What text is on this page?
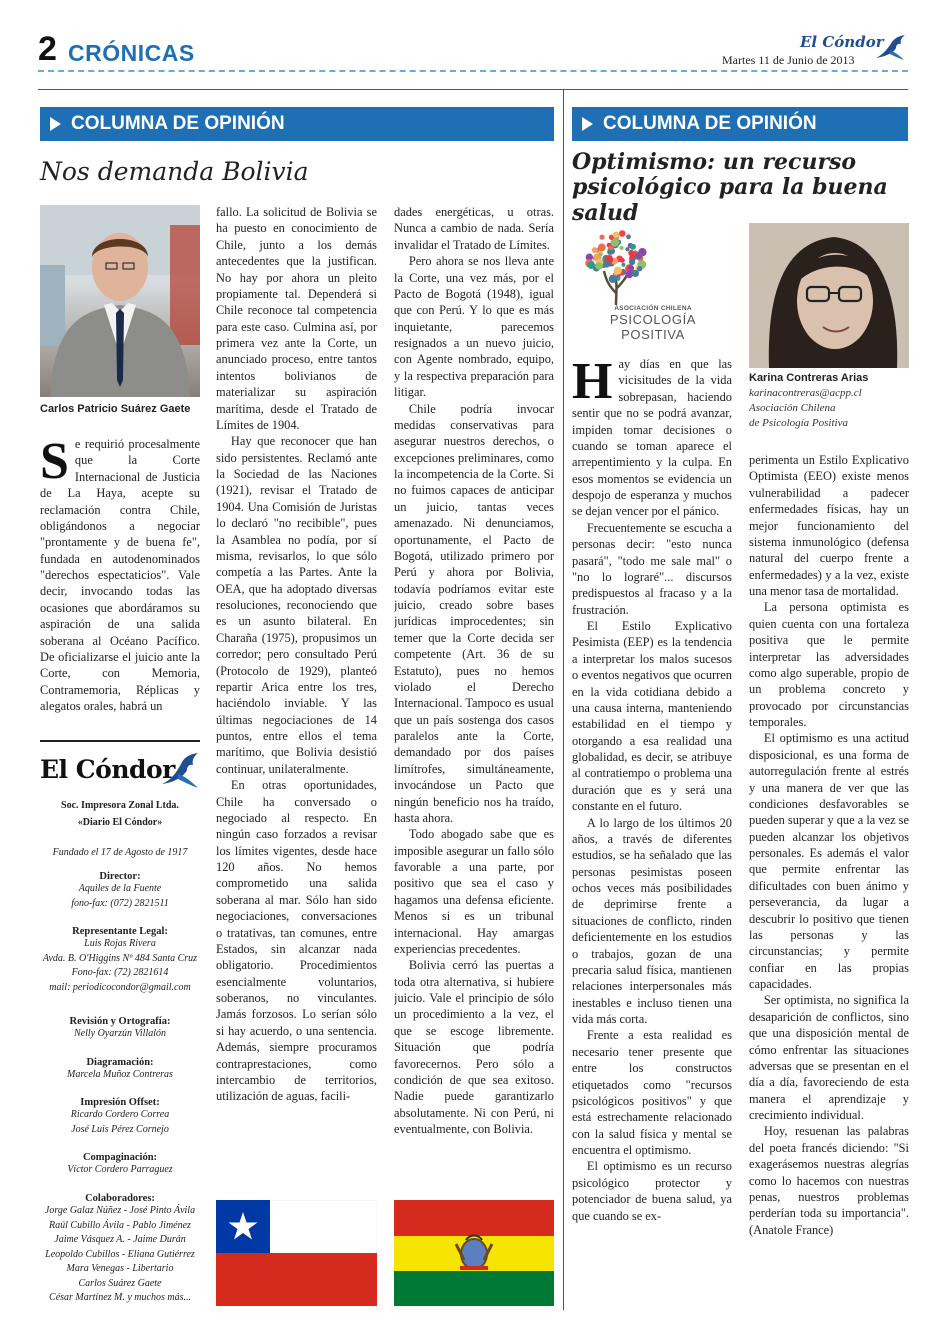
2 CRÓNICAS	El Cóndor
Martes 11 de Junio de 2013
COLUMNA DE OPINIÓN
Nos demanda Bolivia
Carlos Patricio Suárez Gaete

Se requirió procesalmente que la Corte Internacional de Justicia de La Haya, acepte su reclamación contra Chile, obligándonos a negociar "prontamente y de buena fe", fundada en autodenominados "derechos espectaticios". Vale decir, invocando todas las ocasiones que abordáramos su aspiración de una salida soberana al Océano Pacífico. De oficializarse el juicio ante la Corte, con Memoria, Contramemoria, Réplicas y alegatos orales, habrá un

fallo. La solicitud de Bolivia se ha puesto en conocimiento de Chile, junto a los demás antecedentes que la justifican. No hay por ahora un pleito propiamente tal. Dependerá si Chile reconoce tal competencia para este caso. Culmina así, por primera vez ante la Corte, un anunciado proceso, entre tantos intentos bolivianos de materializar su aspiración marítima, desde el Tratado de Límites de 1904.

Hay que reconocer que han sido persistentes. Reclamó ante la Sociedad de las Naciones (1921), revisar el Tratado de 1904. Una Comisión de Juristas lo declaró "no recibible", pues la Asamblea no podía, por sí misma, revisarlos, lo que sólo competía a las Partes. Ante la OEA, que ha adoptado diversas resoluciones, reconociendo que es un asunto bilateral. En Charaña (1975), propusimos un corredor; pero consultado Perú (Protocolo de 1929), planteó repartir Arica entre los tres, haciéndolo inviable. Y las últimas negociaciones de 14 puntos, entre ellos el tema marítimo, que Bolivia desistió continuar, unilateralmente.

En otras oportunidades, Chile ha conversado o negociado al respecto. En ningún caso forzados a revisar los límites vigentes, desde hace 120 años. No hemos comprometido una salida soberana al mar. Sólo han sido negociaciones, conversaciones o tratativas, tan comunes, entre Estados, sin alcanzar nada obligatorio. Procedimientos esencialmente voluntarios, soberanos, no vinculantes. Jamás forzosos. Lo serían sólo si hay acuerdo, o una sentencia. Además, siempre procuramos contraprestaciones, como intercambio de territorios, utilización de aguas, facili-

dades energéticas, u otras. Nunca a cambio de nada. Sería invalidar el Tratado de Límites.

Pero ahora se nos lleva ante la Corte, una vez más, por el Pacto de Bogotá (1948), igual que con Perú. Y lo que es más inquietante, parecemos resignados a un nuevo juicio, con Agente nombrado, equipo, y la respectiva preparación para litigar.

Chile podría invocar medidas conservativas para asegurar nuestros derechos, o excepciones preliminares, como la incompetencia de la Corte. Si no fuimos capaces de anticipar un juicio, tantas veces amenazado. Ni denunciamos, oportunamente, el Pacto de Bogotá, utilizado primero por Perú y ahora por Bolivia, todavía podríamos evitar este juicio, creado sobre bases jurídicas improcedentes; sin temer que la Corte decida ser competente (Art. 36 de su Estatuto), pues no hemos violado el Derecho Internacional. Tampoco es usual que un país sostenga dos casos paralelos ante la Corte, demandado por dos países limítrofes, simultáneamente, invocándose un Pacto que ningún beneficio nos ha traído, hasta ahora.

Todo abogado sabe que es imposible asegurar un fallo sólo favorable a una parte, por positivo que sea el caso y hagamos una defensa eficiente. Menos si es un tribunal internacional. Hay amargas experiencias precedentes.

Bolivia cerró las puertas a toda otra alternativa, si hubiere juicio. Vale el principio de sólo un procedimiento a la vez, el que se escoge libremente. Situación que podría favorecernos. Pero sólo a condición de que sea exitoso. Nadie puede garantizarlo absolutamente. Ni con Perú, ni eventualmente, con Bolivia.

El Cóndor
Soc. Impresora Zonal Ltda.
«Diario El Cóndor»
Fundado el 17 de Agosto de 1917
Director:
Aquiles de la Fuente
fono-fax: (072) 2821511
Representante Legal:
Luis Rojas Rivera
Avda. B. O'Higgins Nº 484 Santa Cruz
Fono-fax: (72) 2821614
mail: periodicocondor@gmail.com
Revisión y Ortografía:
Nelly Oyarzún Villalón
Diagramación:
Marcela Muñoz Contreras
Impresión Offset:
Ricardo Cordero Correa
José Luis Pérez Cornejo
Compaginación:
Víctor Cordero Parraguez
Colaboradores:
Jorge Galaz Núñez - José Pinto Ávila
Raúl Cubillo Ávila - Pablo Jiménez
Jaime Vásquez A. - Jaime Durán
Leopoldo Cubillos - Eliana Gutiérrez
Mara Venegas - Libertario
Carlos Suárez Gaete
César Martínez M. y muchos más...
COLUMNA DE OPINIÓN
Optimismo: un recurso psicológico para la buena salud
ASOCIACIÓN CHILENA
PSICOLOGÍA POSITIVA
Karina Contreras Arias
karinacontreras@acpp.cl
Asociación Chilena
de Psicología Positiva

Hay días en que las vicisitudes de la vida sobrepasan, haciendo sentir que no se podrá avanzar, impiden tomar decisiones o cuando se toman aparece el arrepentimiento y la culpa. En esos momentos se evidencia un despojo de esperanza y muchos se dejan vencer por el pánico.

Frecuentemente se escucha a personas decir: "esto nunca pasará", "todo me sale mal" o "no lo lograré"... discursos predispuestos al fracaso y a la frustración.

El Estilo Explicativo Pesimista (EEP) es la tendencia a interpretar los malos sucesos o eventos negativos que ocurren en la vida cotidiana debido a una causa interna, manteniendo estabilidad en el tiempo y otorgando a esa realidad una globalidad, es decir, se atribuye al contratiempo o problema una duración que es y será una constante en el futuro.

A lo largo de los últimos 20 años, a través de diferentes estudios, se ha señalado que las personas pesimistas poseen ochos veces más posibilidades de deprimirse frente a situaciones de conflicto, rinden deficientemente en los estudios o trabajos, gozan de una precaria salud física, mantienen relaciones interpersonales más inestables e incluso tienen una vida más corta.

Frente a esta realidad es necesario tener presente que entre los constructos etiquetados como "recursos psicológicos positivos" y que está estrechamente relacionado con la salud física y mental se encuentra el optimismo.

El optimismo es un recurso psicológico protector y potenciador de buena salud, ya que cuando se ex-

perimenta un Estilo Explicativo Optimista (EEO) existe menos vulnerabilidad a padecer enfermedades físicas, hay un mejor funcionamiento del sistema inmunológico (defensa natural del cuerpo frente a enfermedades) y a la vez, existe una menor tasa de mortalidad.

La persona optimista es quien cuenta con una fortaleza positiva que le permite interpretar las adversidades como algo superable, propio de un problema concreto y provocado por circunstancias temporales.

El optimismo es una actitud disposicional, es una forma de autorregulación frente al estrés y una manera de ver que las condiciones desfavorables se pueden superar y que a la vez se pueden alcanzar los objetivos personales. Es además el valor que permite enfrentar las dificultades con buen ánimo y perseverancia, da lugar a descubrir lo positivo que tienen las personas y las circunstancias; y permite confiar en las propias capacidades.

Ser optimista, no significa la desaparición de conflictos, sino que una disposición mental de cómo enfrentar las situaciones adversas que se presentan en el día a día, favoreciendo de esta manera el aprendizaje y crecimiento individual.

Hoy, resuenan las palabras del poeta francés diciendo: "Si exagerásemos nuestras alegrías como lo hacemos con nuestras penas, nuestros problemas perderían toda su importancia". (Anatole France)
